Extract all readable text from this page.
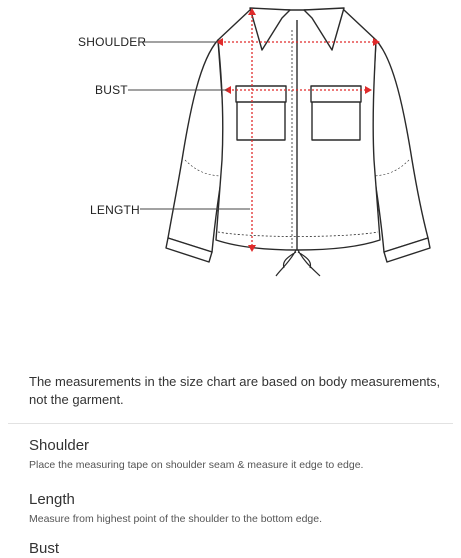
SHOULDER
BUST
LENGTH
The measurements in the size chart are based on body measurements, not the garment.
Shoulder
Place the measuring tape on shoulder seam & measure it edge to edge.
Length
Measure from highest point of the shoulder to the bottom edge.
Bust
